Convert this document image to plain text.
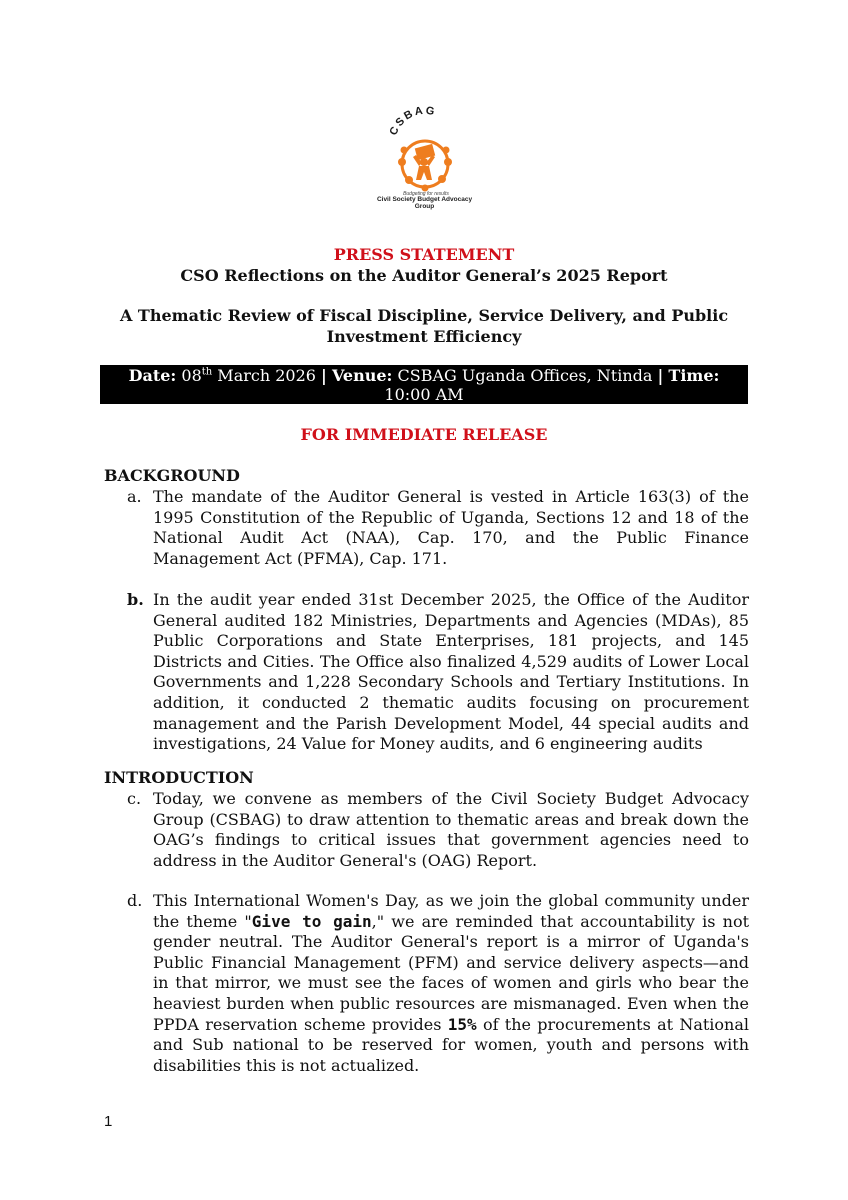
CSBAG
Budgeting for results
Civil Society Budget Advocacy Group
PRESS STATEMENT
CSO Reflections on the Auditor General’s 2025 Report
A Thematic Review of Fiscal Discipline, Service Delivery, and Public
Investment Efficiency
Date: 08th March 2026 | Venue: CSBAG Uganda Offices, Ntinda | Time:
10:00 AM
FOR IMMEDIATE RELEASE
BACKGROUND
a. The mandate of the Auditor General is vested in Article 163(3) of the 1995 Constitution of the Republic of Uganda, Sections 12 and 18 of the National Audit Act (NAA), Cap. 170, and the Public Finance Management Act (PFMA), Cap. 171.
b. In the audit year ended 31st December 2025, the Office of the Auditor General audited 182 Ministries, Departments and Agencies (MDAs), 85 Public Corporations and State Enterprises, 181 projects, and 145 Districts and Cities. The Office also finalized 4,529 audits of Lower Local Governments and 1,228 Secondary Schools and Tertiary Institutions. In addition, it conducted 2 thematic audits focusing on procurement management and the Parish Development Model, 44 special audits and investigations, 24 Value for Money audits, and 6 engineering audits
INTRODUCTION
c. Today, we convene as members of the Civil Society Budget Advocacy Group (CSBAG) to draw attention to thematic areas and break down the OAG’s findings to critical issues that government agencies need to address in the Auditor General's (OAG) Report.
d. This International Women's Day, as we join the global community under the theme "Give to gain," we are reminded that accountability is not gender neutral. The Auditor General's report is a mirror of Uganda's Public Financial Management (PFM) and service delivery aspects—and in that mirror, we must see the faces of women and girls who bear the heaviest burden when public resources are mismanaged. Even when the PPDA reservation scheme provides 15% of the procurements at National and Sub national to be reserved for women, youth and persons with disabilities this is not actualized.
1
